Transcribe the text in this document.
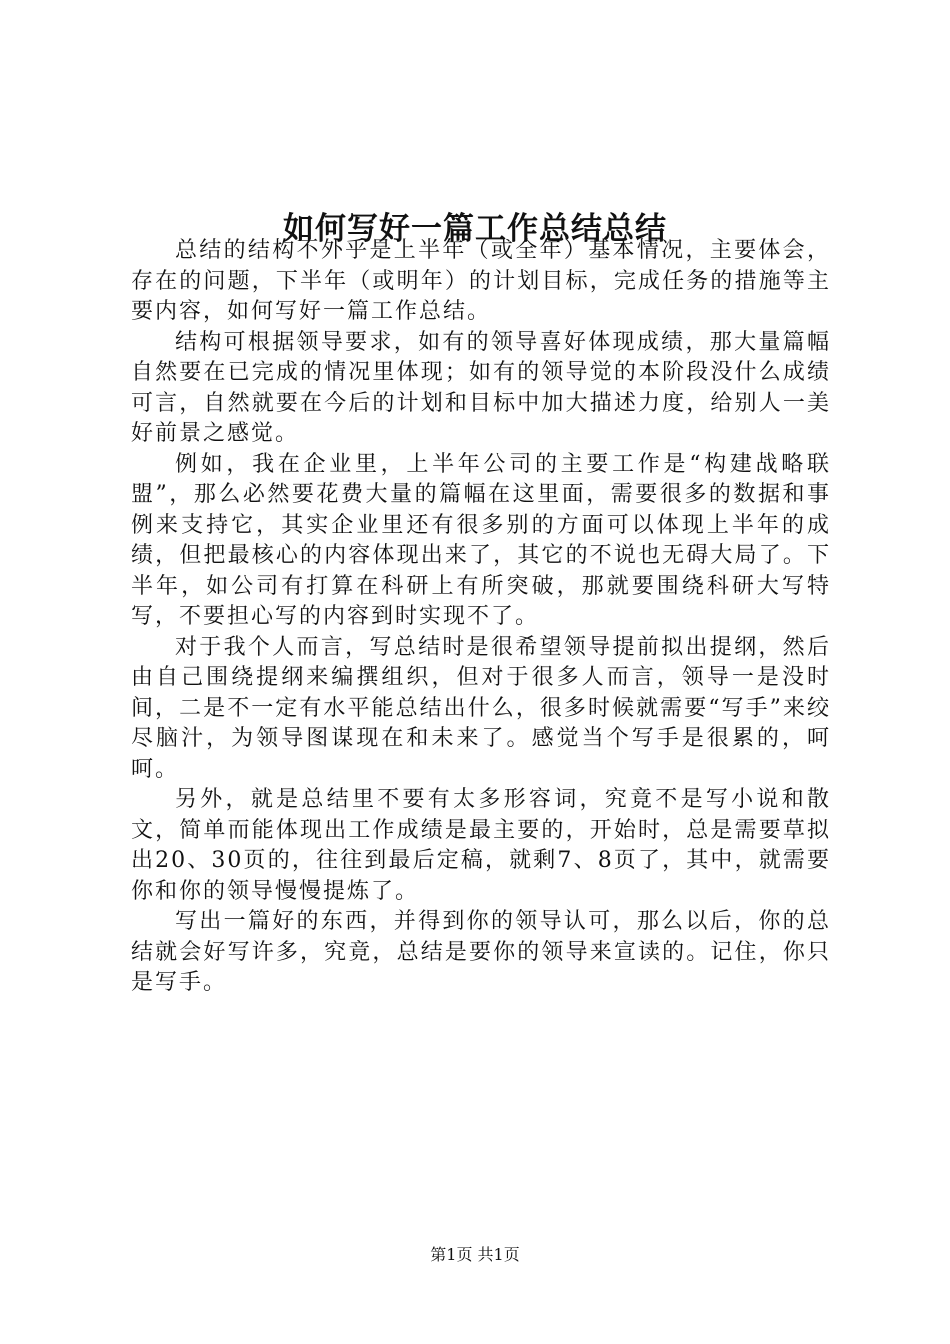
如何写好一篇工作总结总结

总结的结构不外乎是上半年（或全年）基本情况，主要体会，存在的问题，下半年（或明年）的计划目标，完成任务的措施等主要内容，如何写好一篇工作总结。

结构可根据领导要求，如有的领导喜好体现成绩，那大量篇幅自然要在已完成的情况里体现；如有的领导觉的本阶段没什么成绩可言，自然就要在今后的计划和目标中加大描述力度，给别人一美好前景之感觉。

例如，我在企业里，上半年公司的主要工作是“构建战略联盟”，那么必然要花费大量的篇幅在这里面，需要很多的数据和事例来支持它，其实企业里还有很多别的方面可以体现上半年的成绩，但把最核心的内容体现出来了，其它的不说也无碍大局了。下半年，如公司有打算在科研上有所突破，那就要围绕科研大写特写，不要担心写的内容到时实现不了。

对于我个人而言，写总结时是很希望领导提前拟出提纲，然后由自己围绕提纲来编撰组织，但对于很多人而言，领导一是没时间，二是不一定有水平能总结出什么，很多时候就需要“写手”来绞尽脑汁，为领导图谋现在和未来了。感觉当个写手是很累的，呵呵。

另外，就是总结里不要有太多形容词，究竟不是写小说和散文，简单而能体现出工作成绩是最主要的，开始时，总是需要草拟出20、30页的，往往到最后定稿，就剩7、8页了，其中，就需要你和你的领导慢慢提炼了。

写出一篇好的东西，并得到你的领导认可，那么以后，你的总结就会好写许多，究竟，总结是要你的领导来宣读的。记住，你只是写手。

第1页 共1页
